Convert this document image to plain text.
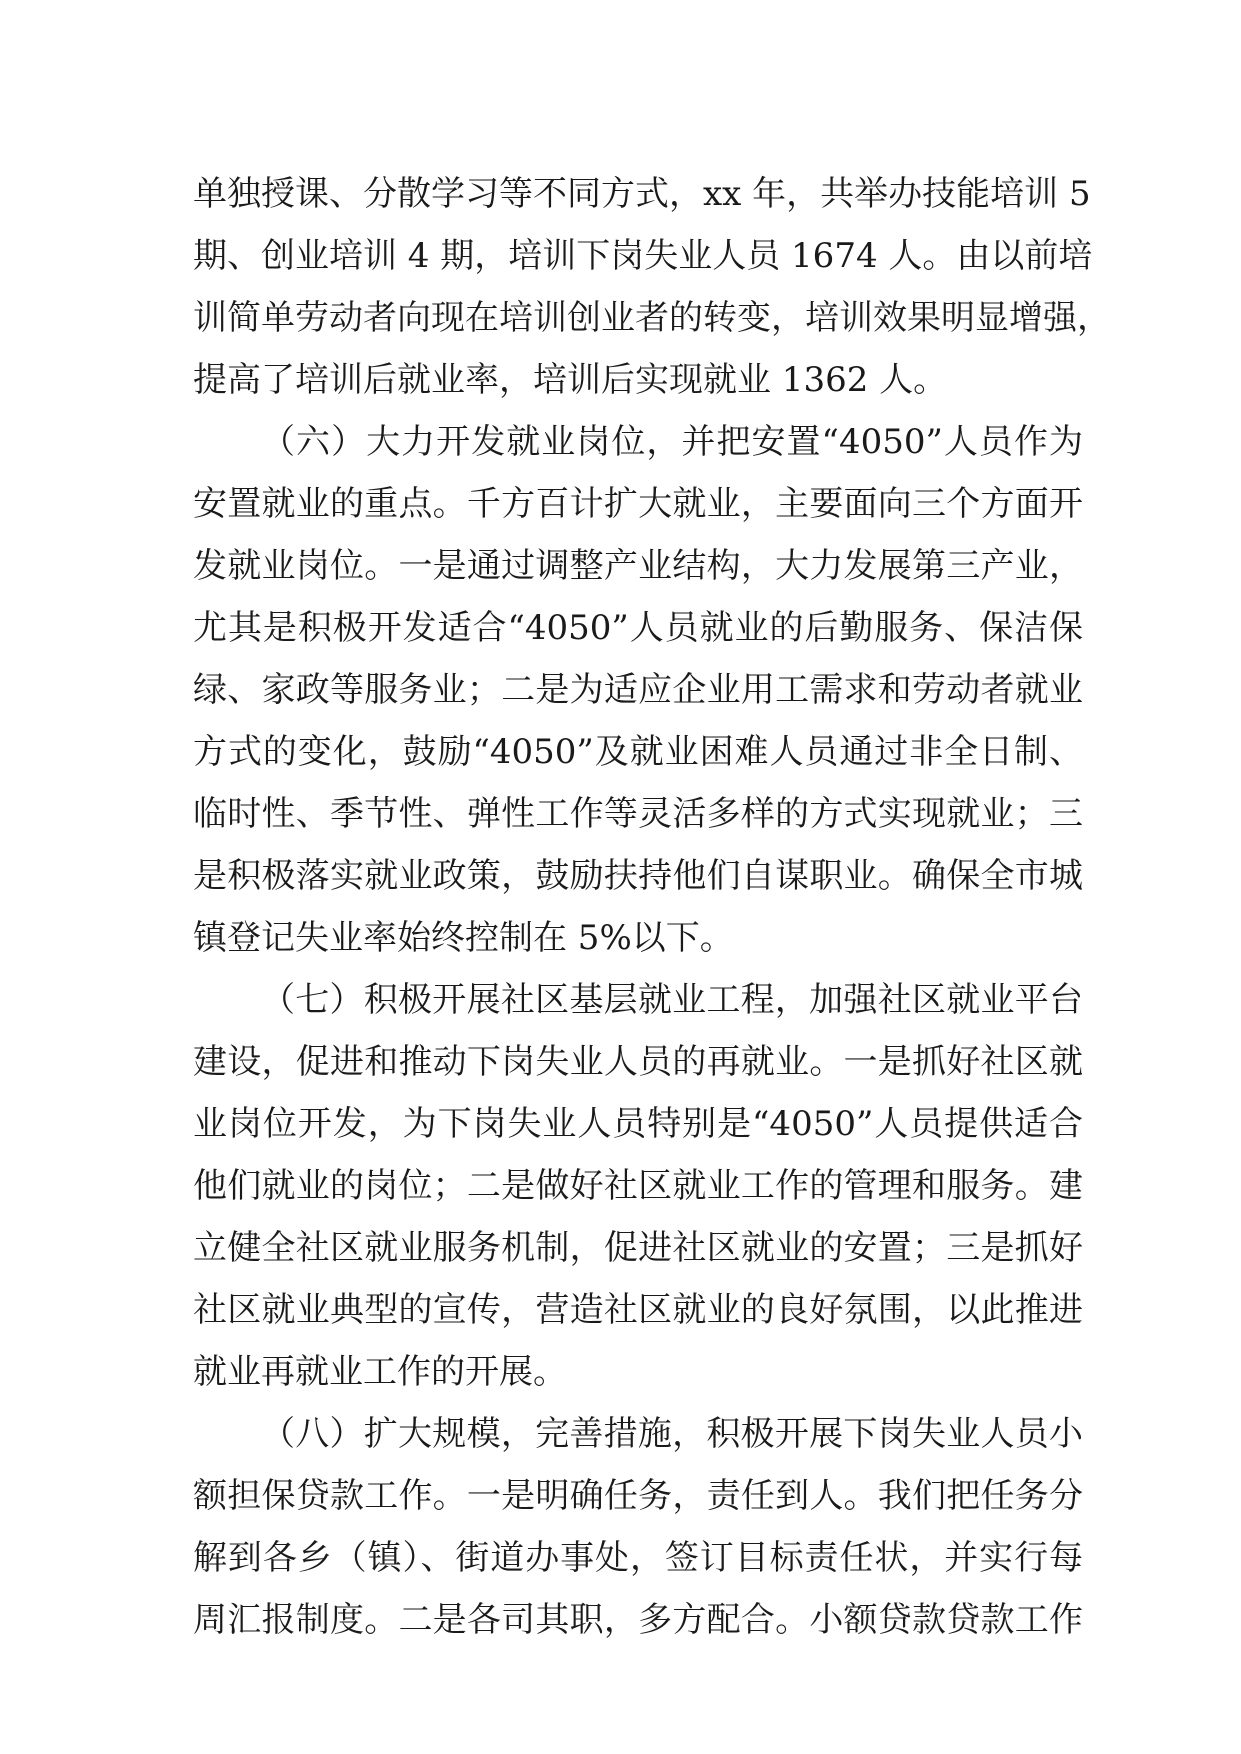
单独授课、分散学习等不同方式，xx 年，共举办技能培训 5
期、创业培训 4 期，培训下岗失业人员 1674 人。由以前培
训简单劳动者向现在培训创业者的转变，培训效果明显增强，
提高了培训后就业率，培训后实现就业 1362 人。
（六）大力开发就业岗位，并把安置“4050”人员作为
安置就业的重点。千方百计扩大就业，主要面向三个方面开
发就业岗位。一是通过调整产业结构，大力发展第三产业，
尤其是积极开发适合“4050”人员就业的后勤服务、保洁保
绿、家政等服务业；二是为适应企业用工需求和劳动者就业
方式的变化，鼓励“4050”及就业困难人员通过非全日制、
临时性、季节性、弹性工作等灵活多样的方式实现就业；三
是积极落实就业政策，鼓励扶持他们自谋职业。确保全市城
镇登记失业率始终控制在 5%以下。
（七）积极开展社区基层就业工程，加强社区就业平台
建设，促进和推动下岗失业人员的再就业。一是抓好社区就
业岗位开发，为下岗失业人员特别是“4050”人员提供适合
他们就业的岗位；二是做好社区就业工作的管理和服务。建
立健全社区就业服务机制，促进社区就业的安置；三是抓好
社区就业典型的宣传，营造社区就业的良好氛围，以此推进
就业再就业工作的开展。
（八）扩大规模，完善措施，积极开展下岗失业人员小
额担保贷款工作。一是明确任务，责任到人。我们把任务分
解到各乡（镇）、街道办事处，签订目标责任状，并实行每
周汇报制度。二是各司其职，多方配合。小额贷款贷款工作
